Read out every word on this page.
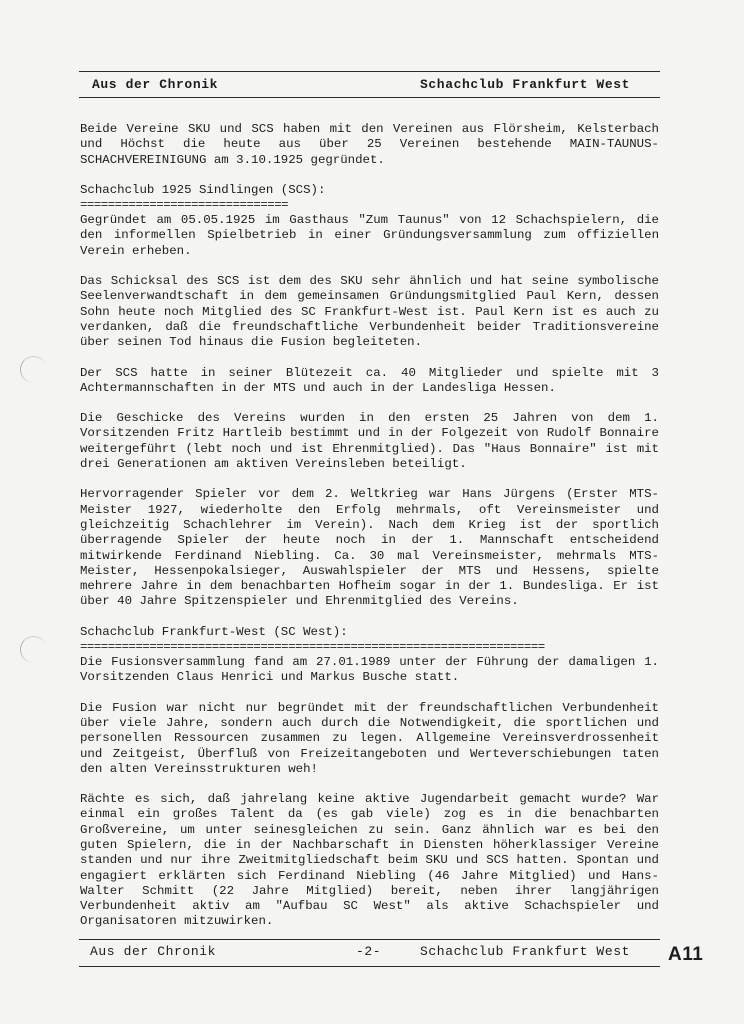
Aus der Chronik	Schachclub Frankfurt West

Beide Vereine SKU und SCS haben mit den Vereinen aus Flörsheim, Kelsterbach und Höchst die heute aus über 25 Vereinen bestehende MAIN-TAUNUS-SCHACHVEREINIGUNG am 3.10.1925 gegründet.

Schachclub 1925 Sindlingen (SCS):

==============================

Gegründet am 05.05.1925 im Gasthaus "Zum Taunus" von 12 Schachspielern, die den informellen Spielbetrieb in einer Gründungsversammlung zum offiziellen Verein erheben.

Das Schicksal des SCS ist dem des SKU sehr ähnlich und hat seine symbolische Seelenverwandtschaft in dem gemeinsamen Gründungsmitglied Paul Kern, dessen Sohn heute noch Mitglied des SC Frankfurt-West ist. Paul Kern ist es auch zu verdanken, daß die freundschaftliche Verbundenheit beider Traditionsvereine über seinen Tod hinaus die Fusion begleiteten.

Der SCS hatte in seiner Blütezeit ca. 40 Mitglieder und spielte mit 3 Achtermannschaften in der MTS und auch in der Landesliga Hessen.

Die Geschicke des Vereins wurden in den ersten 25 Jahren von dem 1. Vorsitzenden Fritz Hartleib bestimmt und in der Folgezeit von Rudolf Bonnaire weitergeführt (lebt noch und ist Ehrenmitglied). Das "Haus Bonnaire" ist mit drei Generationen am aktiven Vereinsleben beteiligt.

Hervorragender Spieler vor dem 2. Weltkrieg war Hans Jürgens (Erster MTS-Meister 1927, wiederholte den Erfolg mehrmals, oft Vereinsmeister und gleichzeitig Schachlehrer im Verein). Nach dem Krieg ist der sportlich überragende Spieler der heute noch in der 1. Mannschaft entscheidend mitwirkende Ferdinand Niebling. Ca. 30 mal Vereinsmeister, mehrmals MTS-Meister, Hessenpokalsieger, Auswahlspieler der MTS und Hessens, spielte mehrere Jahre in dem benachbarten Hofheim sogar in der 1. Bundesliga. Er ist über 40 Jahre Spitzenspieler und Ehrenmitglied des Vereins.

Schachclub Frankfurt-West (SC West):

===================================================================

Die Fusionsversammlung fand am 27.01.1989 unter der Führung der damaligen 1. Vorsitzenden Claus Henrici und Markus Busche statt.

Die Fusion war nicht nur begründet mit der freundschaftlichen Verbundenheit über viele Jahre, sondern auch durch die Notwendigkeit, die sportlichen und personellen Ressourcen zusammen zu legen. Allgemeine Vereinsverdrossenheit und Zeitgeist, Überfluß von Freizeitangeboten und Werteverschiebungen taten den alten Vereinsstrukturen weh!

Rächte es sich, daß jahrelang keine aktive Jugendarbeit gemacht wurde? War einmal ein großes Talent da (es gab viele) zog es in die benachbarten Großvereine, um unter seinesgleichen zu sein. Ganz ähnlich war es bei den guten Spielern, die in der Nachbarschaft in Diensten höherklassiger Vereine standen und nur ihre Zweitmitgliedschaft beim SKU und SCS hatten. Spontan und engagiert erklärten sich Ferdinand Niebling (46 Jahre Mitglied) und Hans-Walter Schmitt (22 Jahre Mitglied) bereit, neben ihrer langjährigen Verbundenheit aktiv am "Aufbau SC West" als aktive Schachspieler und Organisatoren mitzuwirken.

Aus der Chronik	-2-	Schachclub Frankfurt West A11
